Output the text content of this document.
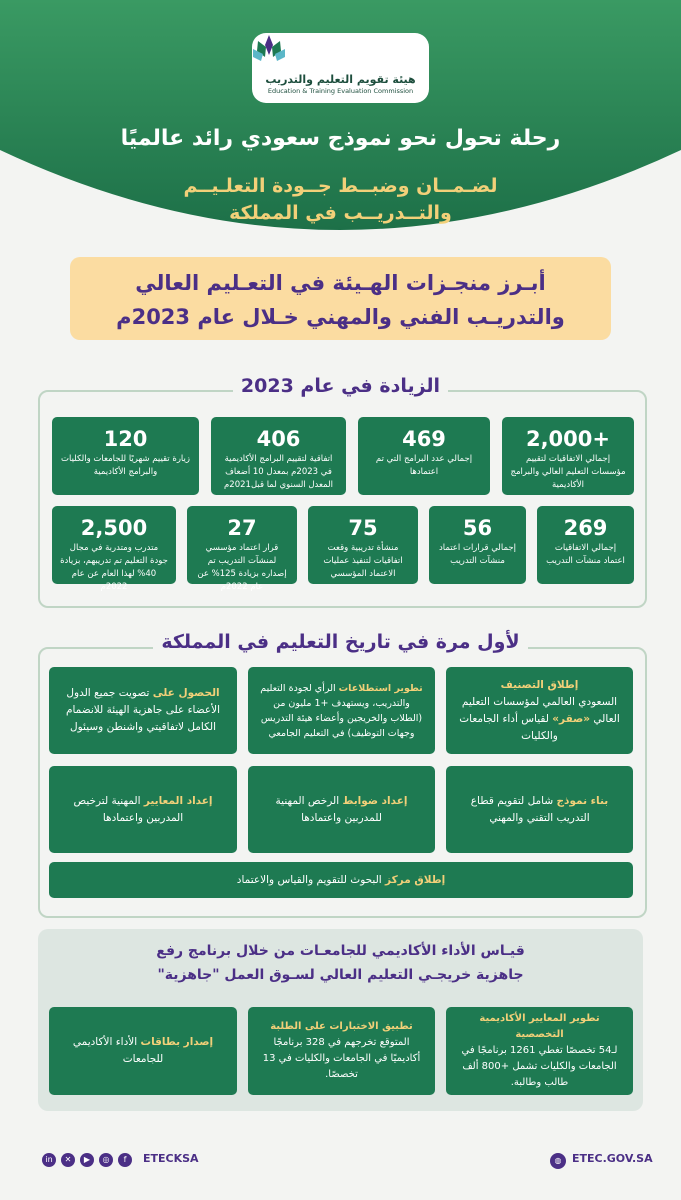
هيئة تقويم التعليم والتدريب
Education & Training Evaluation Commission
رحلة تحول نحو نموذج سعودي رائد عالميًا
لضـمــان وضبــط جــودة التعلـيــم
والتــدريــب في المملكة
أبـرز منجـزات الهـيئة في التعـليم العالي
والتدريـب الفني والمهني خـلال عام 2023م
الزيادة في عام 2023
+2,000
إجمالي الاتفاقيات لتقييم مؤسسات التعليم العالي والبرامج الأكاديمية
469
إجمالي عدد البرامج التي تم اعتمادها
406
اتفاقية لتقييم البرامج الأكاديمية في 2023م بمعدل 10 أضعاف المعدل السنوي لما قبل2021م
120
زيارة تقييم شهريًا للجامعات والكليات والبرامج الأكاديمية
269
إجمالي الاتفاقيات اعتماد منشآت التدريب
56
إجمالي قرارات اعتماد منشآت التدريب
75
منشأة تدريبية وقعت اتفاقيات لتنفيذ عمليات الاعتماد المؤسسي
27
قرار اعتماد مؤسسي لمنشآت التدريب تم إصداره بزيادة 125% عن عام 2022م
2,500
متدرب ومتدربة في مجال جودة التعليم تم تدريبهم، بزيادة 40% لهذا العام عن عام 2022م
لأول مرة في تاريخ التعليم في المملكة
إطلاق التصنيف
السعودي العالمي لمؤسسات التعليم العالي «صقر» لقياس أداء الجامعات والكليات
تطوير استطلاعات الرأي لجودة التعليم والتدريب، ويستهدف +1 مليون من (الطلاب والخريجين وأعضاء هيئة التدريس وجهات التوظيف) في التعليم الجامعي
الحصول على تصويت جميع الدول الأعضاء على جاهزية الهيئة للانضمام الكامل لاتفاقيتي واشنطن وسيئول
بناء نموذج شامل لتقويم قطاع التدريب التقني والمهني
إعداد ضوابط الرخص المهنية للمدربين واعتمادها
إعداد المعايير المهنية لترخيص المدربين واعتمادها
إطلاق مركز البحوث للتقويم والقياس والاعتماد
قيـاس الأداء الأكاديمي للجامعـات من خلال برنامج رفع
جاهزية خريجـي التعليم العالي لسـوق العمل "جاهزية"
تطوير المعايير الأكاديمية التخصصية
لـ54 تخصصًا تغطي 1261 برنامجًا في الجامعات والكليات تشمل +800 ألف طالب وطالبة.
تطبيق الاختبارات على الطلبة المتوقع تخرجهم في 328 برنامجًا أكاديميًا في الجامعات والكليات في 13 تخصصًا.
إصدار بطاقات الأداء الأكاديمي للجامعات
◍ ETEC.GOV.SA
in	✕	▶	◎	f	ETECKSA
